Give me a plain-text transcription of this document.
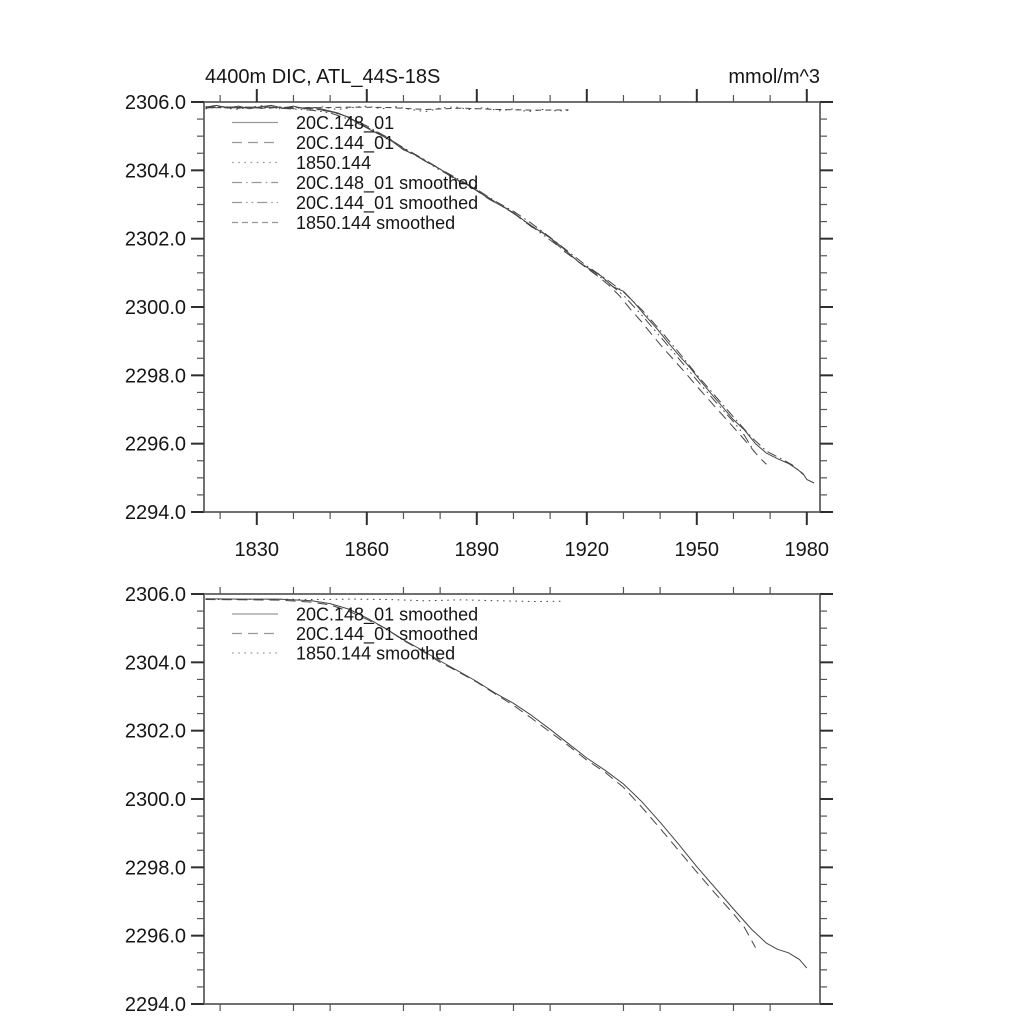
4400m DIC, ATL_44S-18S	mmol/m^3
1830	1860	1890	1920	1950	1980
2294.0
2296.0
2298.0
2300.0
2302.0
2304.0
2306.0
20C.148_01
20C.144_01
1850.144
20C.148_01 smoothed
20C.144_01 smoothed
1850.144 smoothed
2294.0
2296.0
2298.0
2300.0
2302.0
2304.0
2306.0
20C.148_01 smoothed
20C.144_01 smoothed
1850.144 smoothed
